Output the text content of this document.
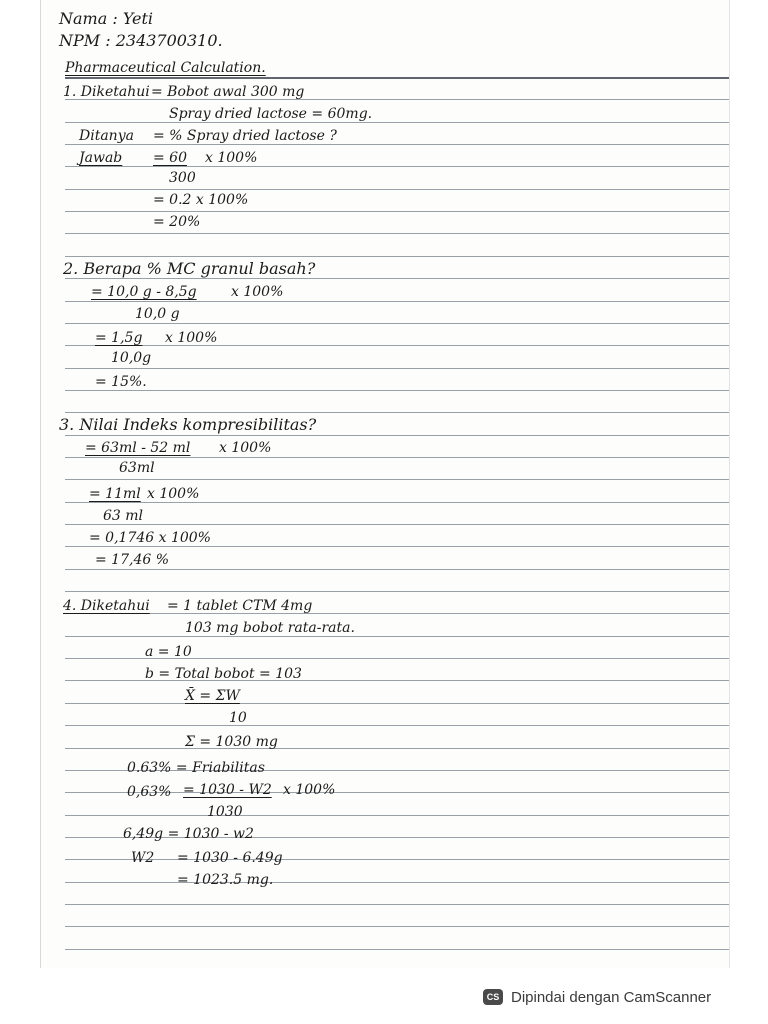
Nama : Yeti
NPM : 2343700310.
Pharmaceutical Calculation.
1. Diketahui = Bobot awal 300 mg
Spray dried lactose = 60mg.
Ditanya = % Spray dried lactose ?
Jawab = 60 x 100%
300
= 0.2 x 100%
= 20%
2. Berapa % MC granul basah?
= 10,0 g - 8,5g x 100%
10,0 g
= 1,5g x 100%
10,0g
= 15%.
3. Nilai Indeks kompresibilitas?
= 63ml - 52 ml x 100%
63ml
= 11ml x 100%
63 ml
= 0,1746 x 100%
= 17,46 %
4. Diketahui = 1 tablet CTM 4mg
103 mg bobot rata-rata.
a = 10
b = Total bobot = 103
X̄ = ΣW
10
Σ = 1030 mg
0.63% = Friabilitas
0,63% = 1030 - W2 x 100%
1030
6,49g = 1030 - w2
W2 = 1030 - 6.49g
= 1023.5 mg.
CS Dipindai dengan CamScanner
